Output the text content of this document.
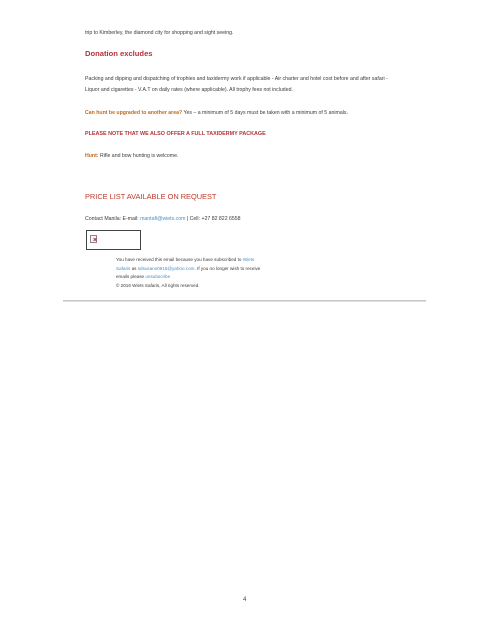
trip to Kimberley, the diamond city for shopping and sight seeing.
Donation excludes
Packing and dipping and dispatching of trophies and taxidermy work if applicable - Air charter and hotel cost before and after safari -
Liquor and cigarettes - V.A.T on daily rates (where applicable). All trophy fees not included.
Can hunt be upgraded to another area? Yes – a minimum of 5 days must be taken with a minimum of 5 animals.
PLEASE NOTE THAT WE ALSO OFFER A FULL TAXIDERMY PACKAGE
Hunt: Rifle and bow hunting is welcome.
PRICE LIST AVAILABLE ON REQUEST
Contact Manila: E-mail: mantafi@wiets.com | Cell: +27 82 822 6558
You have received this email because you have subscribed to Wiets
Safaris as sdsusanx0915@yahoo.com. If you no longer wish to receive
emails please unsubscribe
© 2016 Wiets Safaris, All rights reserved.
4
